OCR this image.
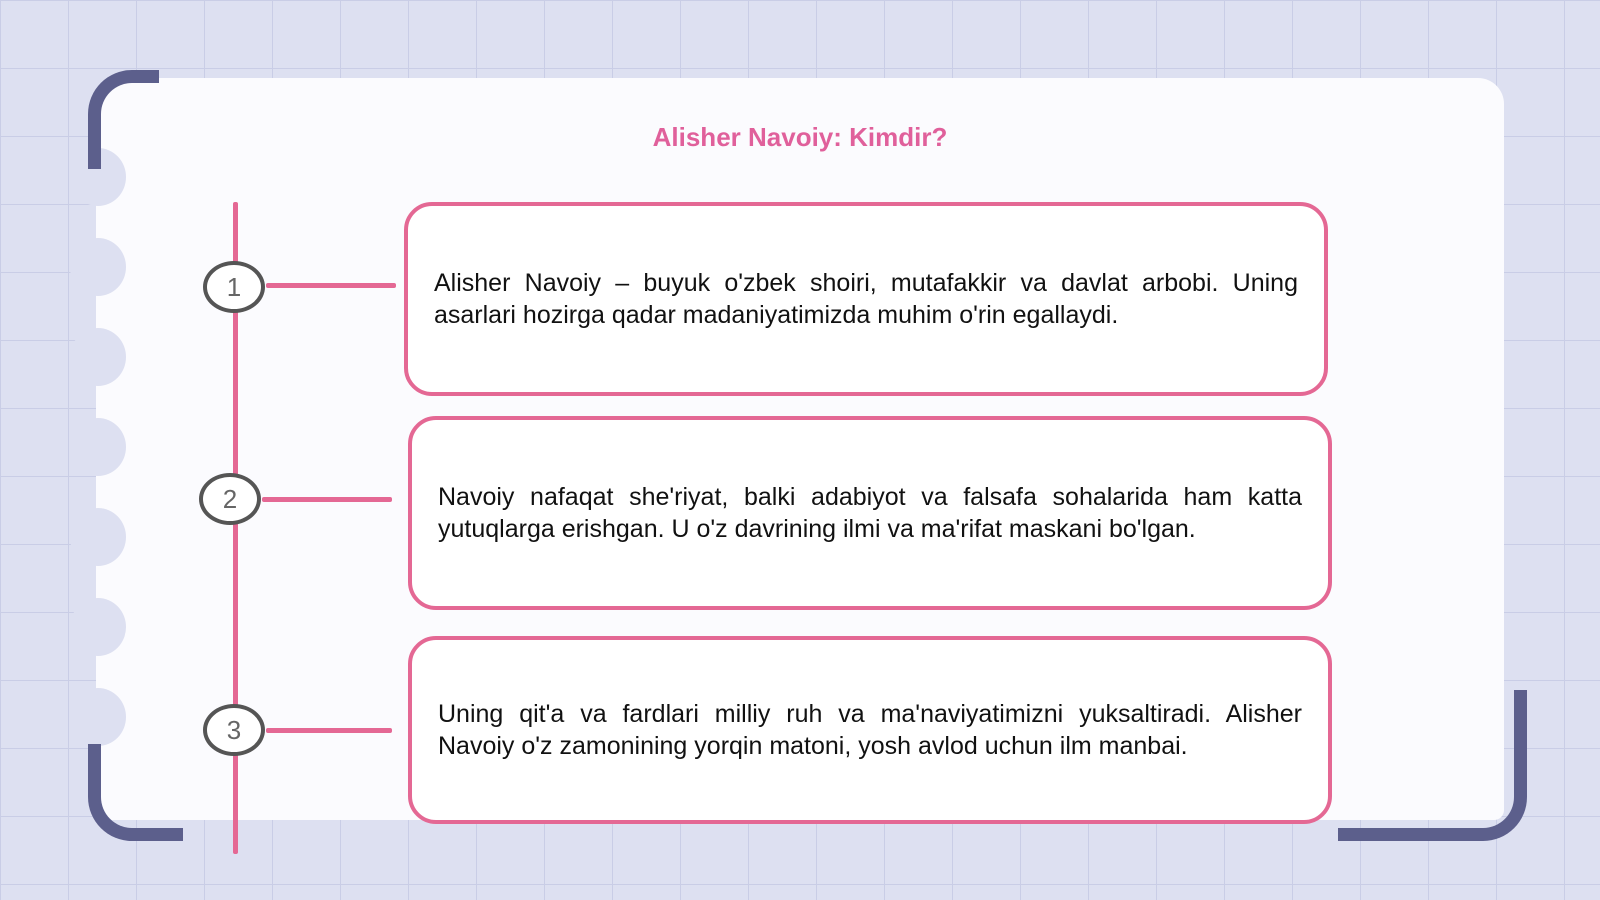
Alisher Navoiy: Kimdir?
1
2
3

Alisher Navoiy – buyuk o'zbek shoiri, mutafakkir va davlat arbobi. Uning asarlari hozirga qadar madaniyatimizda muhim o'rin egallaydi.

Navoiy nafaqat she'riyat, balki adabiyot va falsafa sohalarida ham katta yutuqlarga erishgan. U o'z davrining ilmi va ma'rifat maskani bo'lgan.

Uning qit'a va fardlari milliy ruh va ma'naviyatimizni yuksaltiradi. Alisher Navoiy o'z zamonining yorqin matoni, yosh avlod uchun ilm manbai.
